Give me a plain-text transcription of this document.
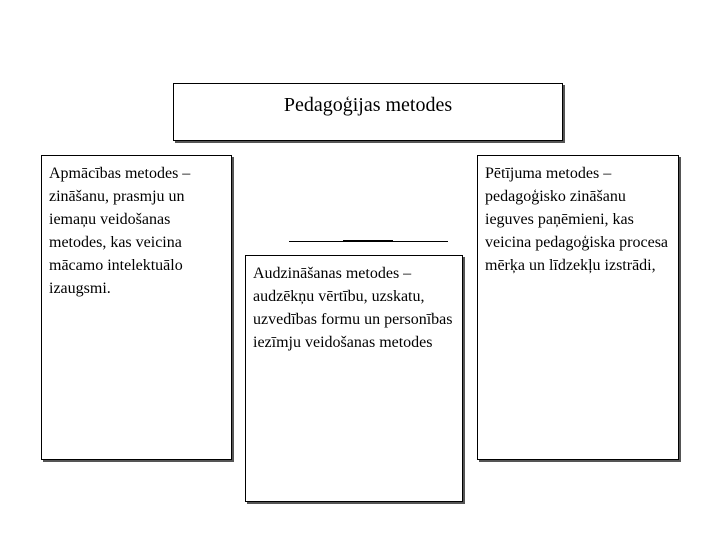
Pedagoģijas metodes
Apmācības metodes – zināšanu, prasmju un iemaņu veidošanas metodes, kas veicina mācamo intelektuālo izaugsmi.
Audzināšanas metodes – audzēkņu vērtību, uzskatu, uzvedības formu un personības iezīmju veidošanas metodes
Pētījuma metodes – pedagoģisko zināšanu ieguves paņēmieni, kas veicina pedagoģiska procesa mērķa un līdzekļu izstrādi,
